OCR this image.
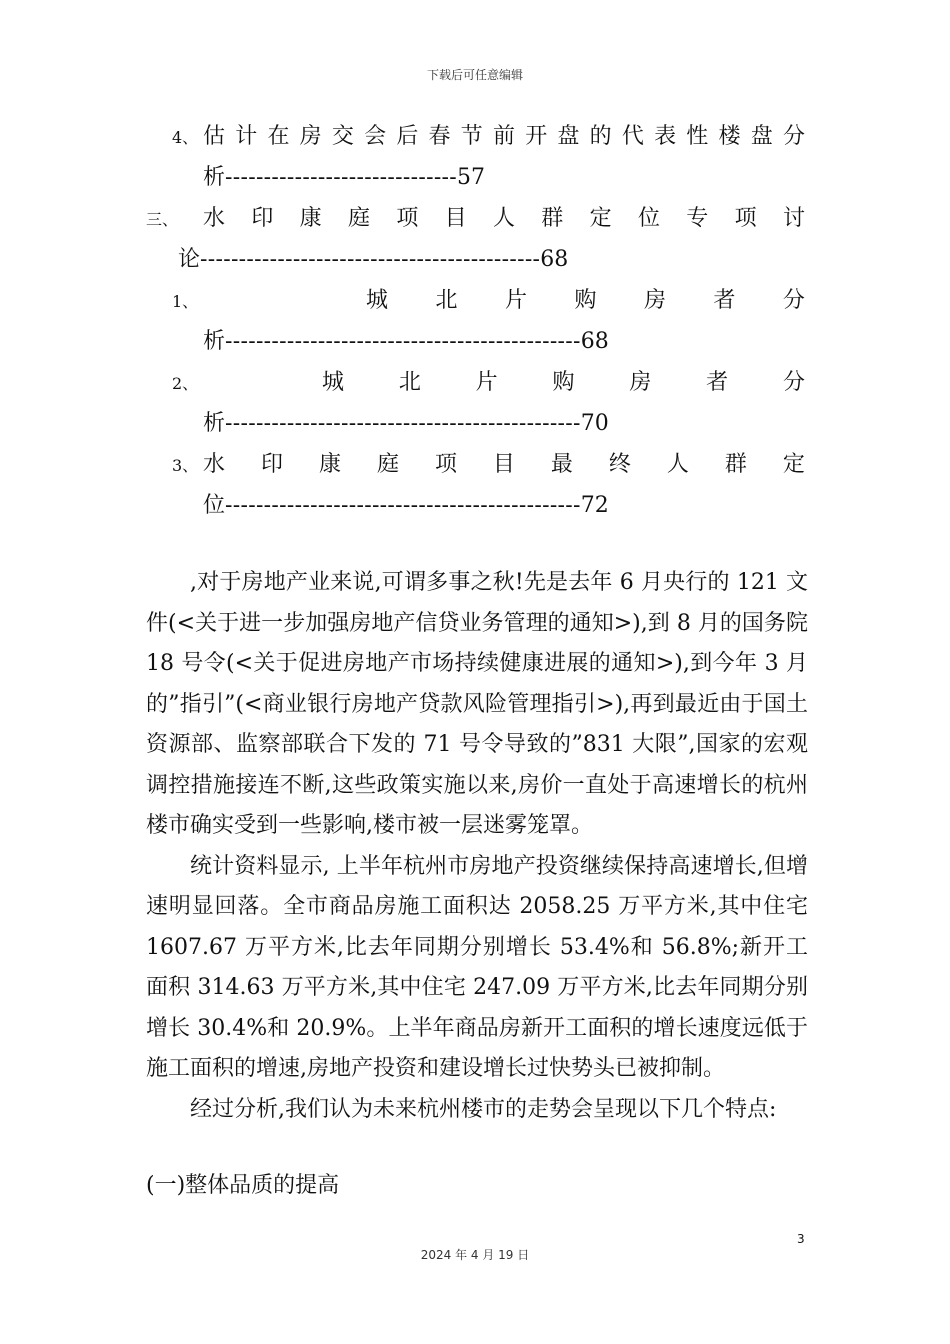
下载后可任意编辑
4、 估 计 在 房 交 会 后 春 节 前 开 盘 的 代 表 性 楼 盘 分
析------------------------------57
三、 水 印 康 庭 项 目 人 群 定 位 专 项 讨
论--------------------------------------------68
1、	城 北 片 购 房 者 分
析----------------------------------------------68
2、	城 北 片 购 房 者 分
析----------------------------------------------70
3、 水 印 康 庭 项 目 最 终 人 群 定
位----------------------------------------------72

,对于房地产业来说,可谓多事之秋!先是去年 6 月央行的 121 文件(<关于进一步加强房地产信贷业务管理的通知>),到 8 月的国务院 18 号令(<关于促进房地产市场持续健康进展的通知>),到今年 3 月的”指引”(<商业银行房地产贷款风险管理指引>),再到最近由于国土资源部、监察部联合下发的 71 号令导致的”831 大限”,国家的宏观调控措施接连不断,这些政策实施以来,房价一直处于高速增长的杭州楼市确实受到一些影响,楼市被一层迷雾笼罩。

统计资料显示, 上半年杭州市房地产投资继续保持高速增长,但增速明显回落。全市商品房施工面积达 2058.25 万平方米,其中住宅 1607.67 万平方米,比去年同期分别增长 53.4%和 56.8%;新开工面积 314.63 万平方米,其中住宅 247.09 万平方米,比去年同期分别增长 30.4%和 20.9%。上半年商品房新开工面积的增长速度远低于施工面积的增速,房地产投资和建设增长过快势头已被抑制。

经过分析,我们认为未来杭州楼市的走势会呈现以下几个特点:

(一)整体品质的提高
3
2024 年 4 月 19 日
